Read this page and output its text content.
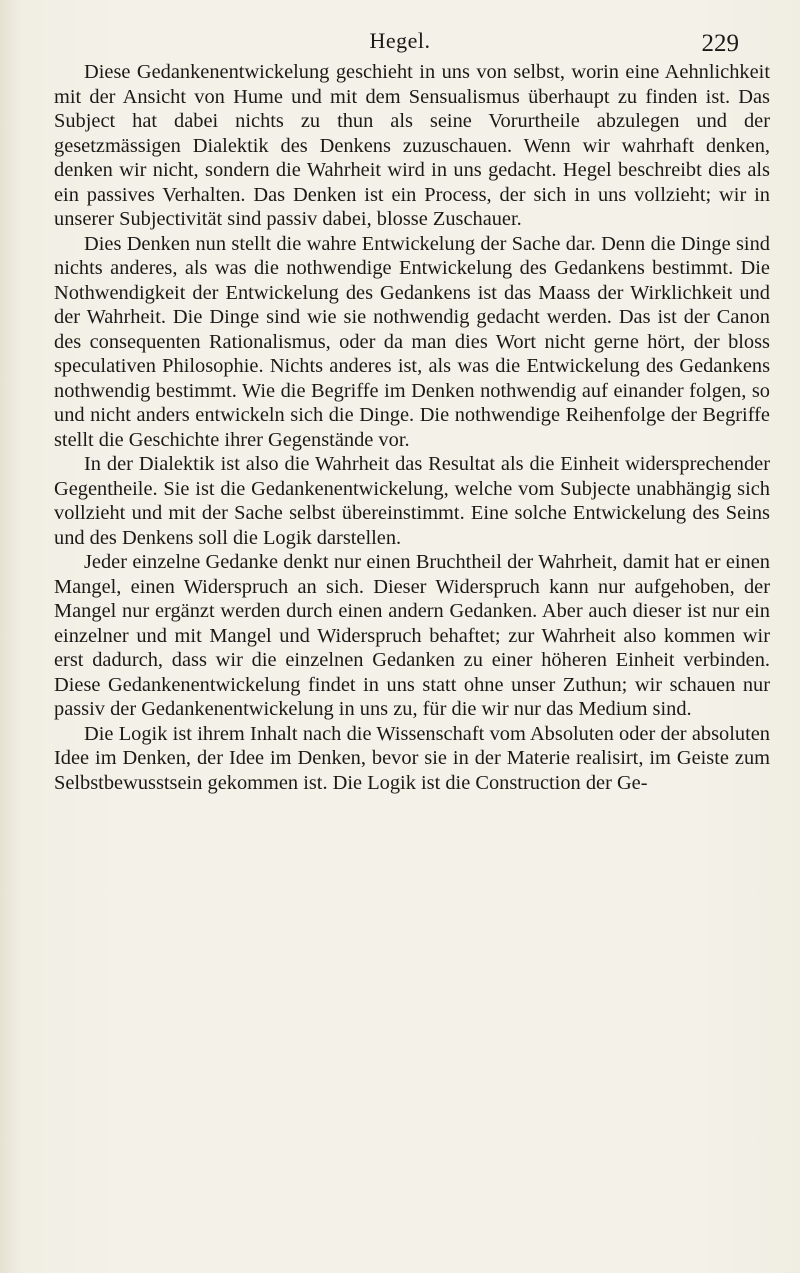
Hegel.	229

Diese Gedankenentwickelung geschieht in uns von selbst, worin eine Aehnlichkeit mit der Ansicht von Hume und mit dem Sensualismus überhaupt zu finden ist. Das Subject hat dabei nichts zu thun als seine Vorurtheile abzulegen und der gesetzmässigen Dialektik des Denkens zuzuschauen. Wenn wir wahrhaft denken, denken wir nicht, sondern die Wahrheit wird in uns gedacht. Hegel beschreibt dies als ein passives Verhalten. Das Denken ist ein Process, der sich in uns vollzieht; wir in unserer Subjectivität sind passiv dabei, blosse Zuschauer.

Dies Denken nun stellt die wahre Entwickelung der Sache dar. Denn die Dinge sind nichts anderes, als was die nothwendige Entwickelung des Gedankens bestimmt. Die Nothwendigkeit der Entwickelung des Gedankens ist das Maass der Wirklichkeit und der Wahrheit. Die Dinge sind wie sie nothwendig gedacht werden. Das ist der Canon des consequenten Rationalismus, oder da man dies Wort nicht gerne hört, der bloss speculativen Philosophie. Nichts anderes ist, als was die Entwickelung des Gedankens nothwendig bestimmt. Wie die Begriffe im Denken nothwendig auf einander folgen, so und nicht anders entwickeln sich die Dinge. Die nothwendige Reihenfolge der Begriffe stellt die Geschichte ihrer Gegenstände vor.

In der Dialektik ist also die Wahrheit das Resultat als die Einheit widersprechender Gegentheile. Sie ist die Gedankenentwickelung, welche vom Subjecte unabhängig sich vollzieht und mit der Sache selbst übereinstimmt. Eine solche Entwickelung des Seins und des Denkens soll die Logik darstellen.

Jeder einzelne Gedanke denkt nur einen Bruchtheil der Wahrheit, damit hat er einen Mangel, einen Widerspruch an sich. Dieser Widerspruch kann nur aufgehoben, der Mangel nur ergänzt werden durch einen andern Gedanken. Aber auch dieser ist nur ein einzelner und mit Mangel und Widerspruch behaftet; zur Wahrheit also kommen wir erst dadurch, dass wir die einzelnen Gedanken zu einer höheren Einheit verbinden. Diese Gedankenentwickelung findet in uns statt ohne unser Zuthun; wir schauen nur passiv der Gedankenentwickelung in uns zu, für die wir nur das Medium sind.

Die Logik ist ihrem Inhalt nach die Wissenschaft vom Absoluten oder der absoluten Idee im Denken, der Idee im Denken, bevor sie in der Materie realisirt, im Geiste zum Selbstbewusstsein gekommen ist. Die Logik ist die Construction der Ge-
